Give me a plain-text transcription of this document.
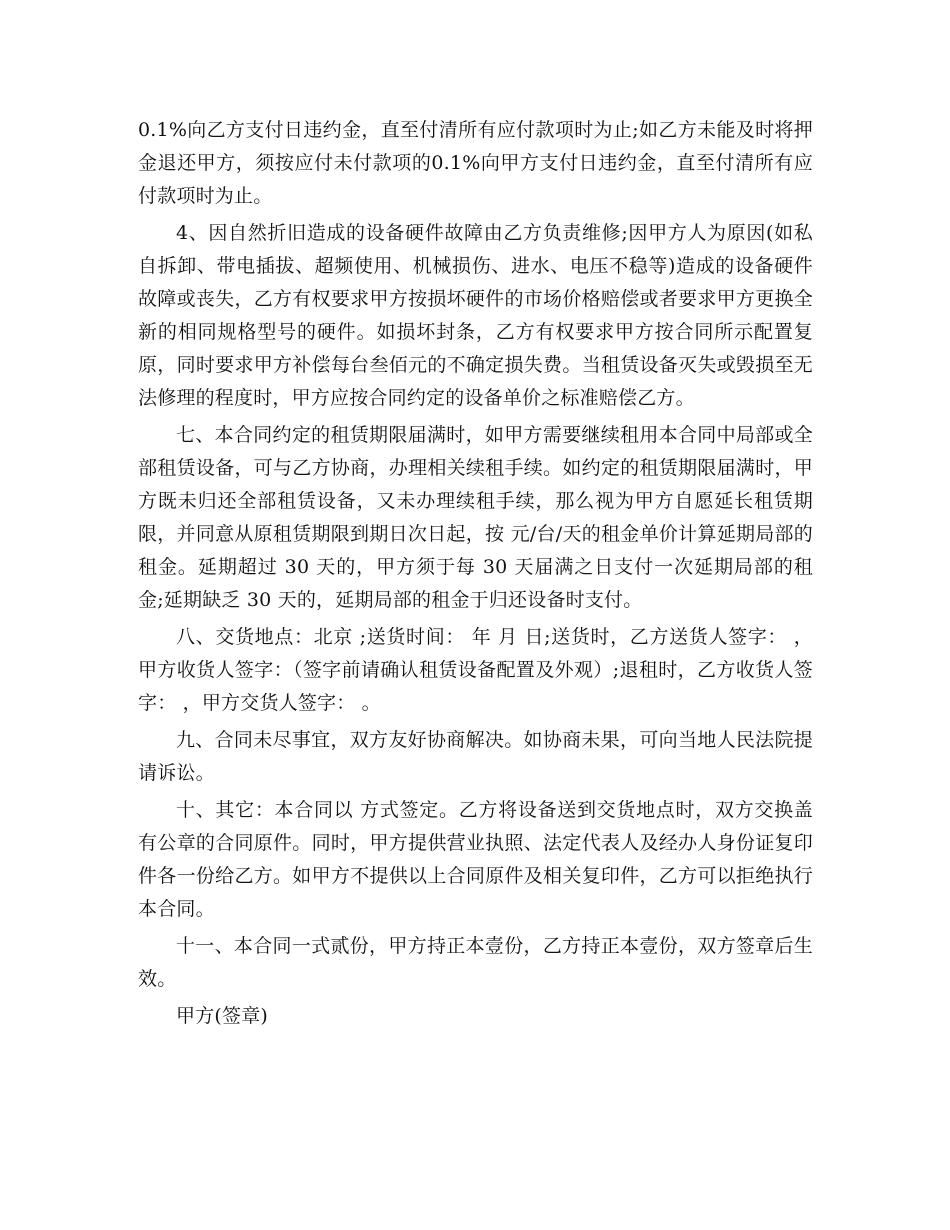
0.1%向乙方支付日违约金，直至付清所有应付款项时为止;如乙方未能及时将押金退还甲方，须按应付未付款项的0.1%向甲方支付日违约金，直至付清所有应付款项时为止。

4、因自然折旧造成的设备硬件故障由乙方负责维修;因甲方人为原因(如私自拆卸、带电插拔、超频使用、机械损伤、进水、电压不稳等)造成的设备硬件故障或丧失，乙方有权要求甲方按损坏硬件的市场价格赔偿或者要求甲方更换全新的相同规格型号的硬件。如损坏封条，乙方有权要求甲方按合同所示配置复原，同时要求甲方补偿每台叁佰元的不确定损失费。当租赁设备灭失或毁损至无法修理的程度时，甲方应按合同约定的设备单价之标准赔偿乙方。

七、本合同约定的租赁期限届满时，如甲方需要继续租用本合同中局部或全部租赁设备，可与乙方协商，办理相关续租手续。如约定的租赁期限届满时，甲方既未归还全部租赁设备，又未办理续租手续，那么视为甲方自愿延长租赁期限，并同意从原租赁期限到期日次日起，按 元/台/天的租金单价计算延期局部的租金。延期超过 30 天的，甲方须于每 30 天届满之日支付一次延期局部的租金;延期缺乏 30 天的，延期局部的租金于归还设备时支付。

八、交货地点：北京 ;送货时间： 年 月 日;送货时，乙方送货人签字： ，甲方收货人签字：（签字前请确认租赁设备配置及外观）;退租时，乙方收货人签字： ，甲方交货人签字： 。

九、合同未尽事宜，双方友好协商解决。如协商未果，可向当地人民法院提请诉讼。

十、其它：本合同以 方式签定。乙方将设备送到交货地点时，双方交换盖有公章的合同原件。同时，甲方提供营业执照、法定代表人及经办人身份证复印件各一份给乙方。如甲方不提供以上合同原件及相关复印件，乙方可以拒绝执行本合同。

十一、本合同一式贰份，甲方持正本壹份，乙方持正本壹份，双方签章后生效。

甲方(签章)
